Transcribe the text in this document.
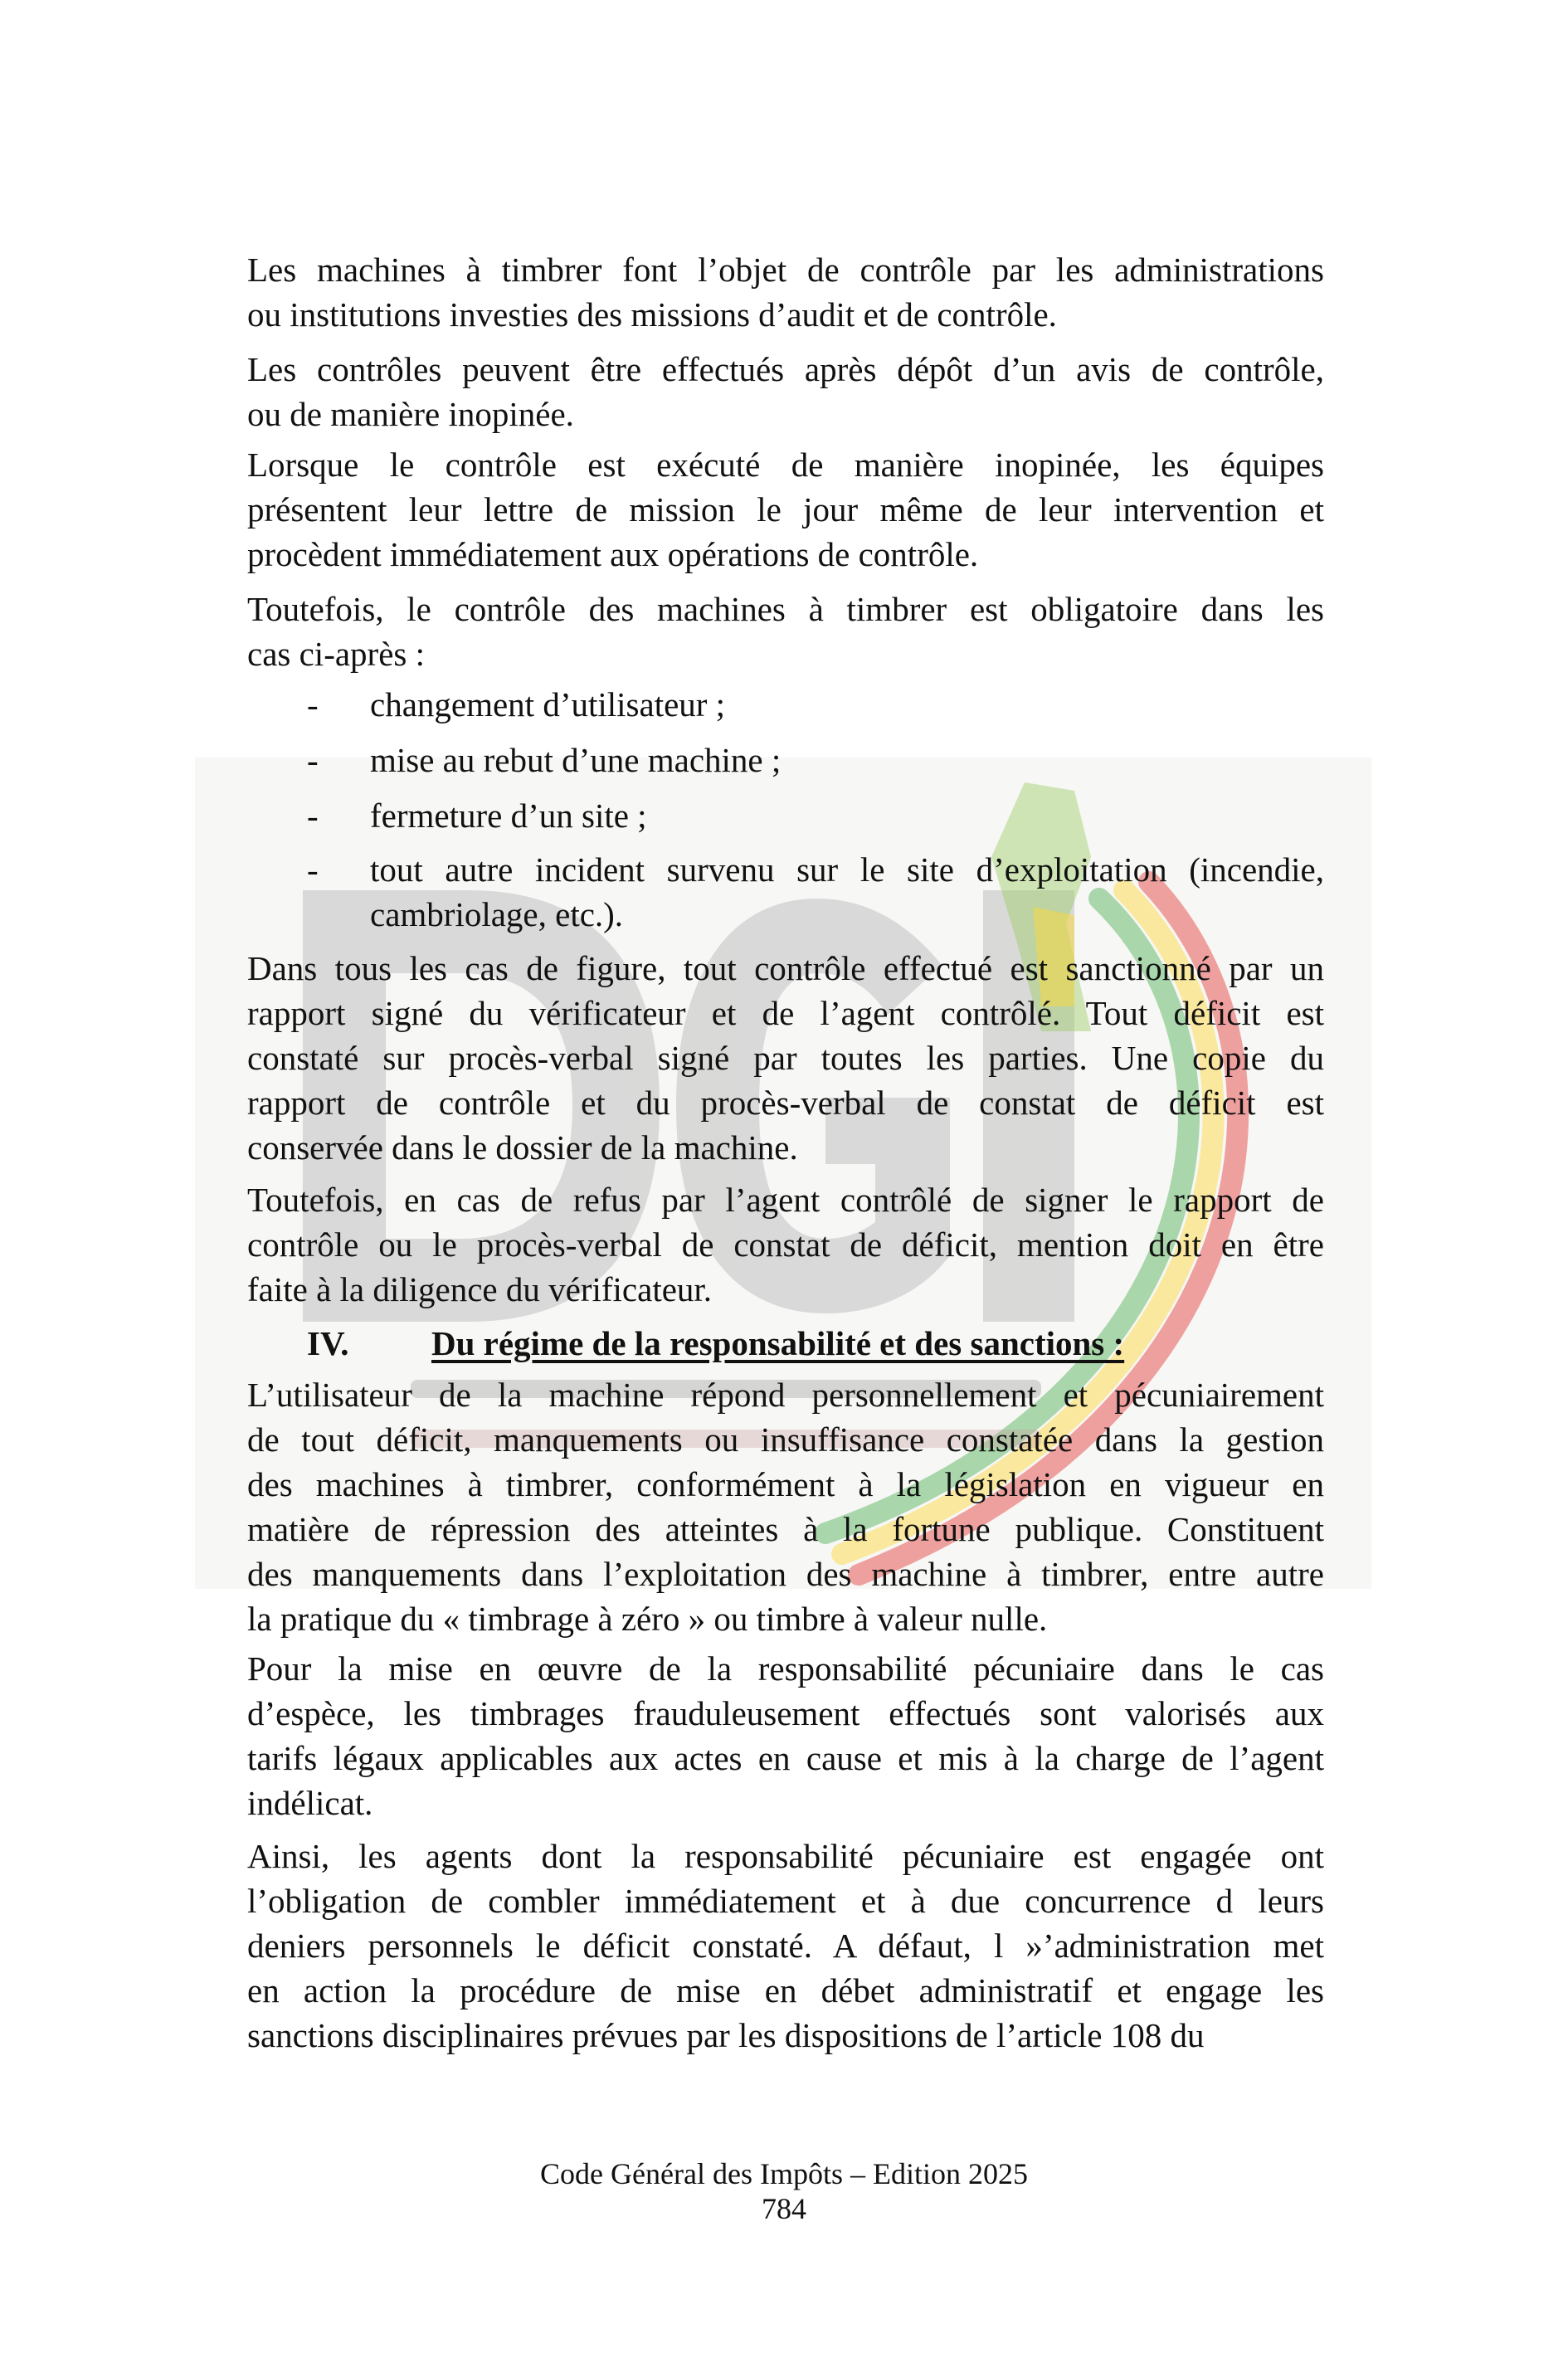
Les machines à timbrer font l’objet de contrôle par les administrations
ou institutions investies des missions d’audit et de contrôle.
Les contrôles peuvent être effectués après dépôt d’un avis de contrôle,
ou de manière inopinée.
Lorsque le contrôle est exécuté de manière inopinée, les équipes
présentent leur lettre de mission le jour même de leur intervention et
procèdent immédiatement aux opérations de contrôle.
Toutefois, le contrôle des machines à timbrer est obligatoire dans les
cas ci-après :
- changement d’utilisateur ;
- mise au rebut d’une machine ;
- fermeture d’un site ;
- tout autre incident survenu sur le site d’exploitation (incendie,
cambriolage, etc.).
Dans tous les cas de figure, tout contrôle effectué est sanctionné par un
rapport signé du vérificateur et de l’agent contrôlé. Tout déficit est
constaté sur procès-verbal signé par toutes les parties. Une copie du
rapport de contrôle et du procès-verbal de constat de déficit est
conservée dans le dossier de la machine.
Toutefois, en cas de refus par l’agent contrôlé de signer le rapport de
contrôle ou le procès-verbal de constat de déficit, mention doit en être
faite à la diligence du vérificateur.
L’utilisateur de la machine répond personnellement et pécuniairement
de tout déficit, manquements ou insuffisance constatée dans la gestion
des machines à timbrer, conformément à la législation en vigueur en
matière de répression des atteintes à la fortune publique. Constituent
des manquements dans l’exploitation des machine à timbrer, entre autre
la pratique du « timbrage à zéro » ou timbre à valeur nulle.
Pour la mise en œuvre de la responsabilité pécuniaire dans le cas
d’espèce, les timbrages frauduleusement effectués sont valorisés aux
tarifs légaux applicables aux actes en cause et mis à la charge de l’agent
indélicat.
Ainsi, les agents dont la responsabilité pécuniaire est engagée ont
l’obligation de combler immédiatement et à due concurrence d leurs
deniers personnels le déficit constaté. A défaut, l »’administration met
en action la procédure de mise en débet administratif et engage les
sanctions disciplinaires prévues par les dispositions de l’article 108 du
IV. Du régime de la responsabilité et des sanctions :
Code Général des Impôts – Edition 2025
784
